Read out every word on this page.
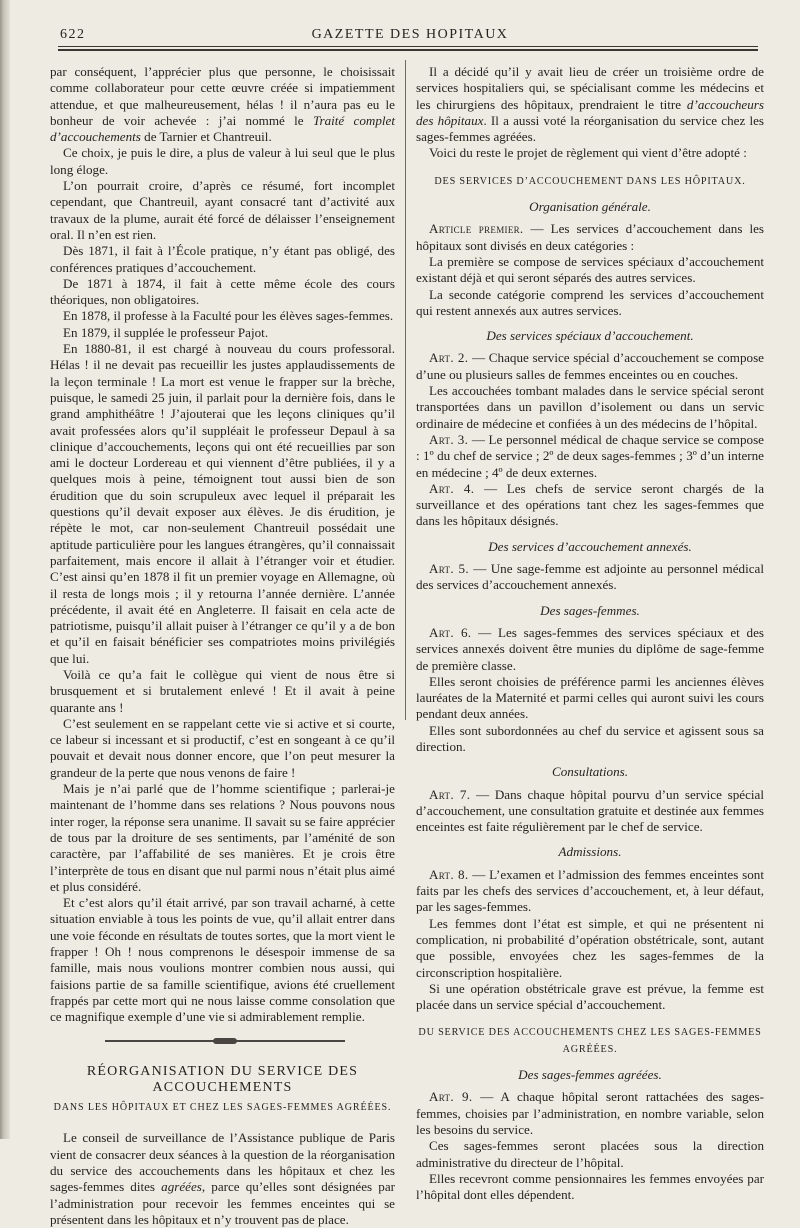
622	GAZETTE DES HOPITAUX

par conséquent, l’apprécier plus que personne, le choisissait comme collaborateur pour cette œuvre créée si impatiemment attendue, et que malheureusement, hélas ! il n’aura pas eu le bonheur de voir achevée : j’ai nommé le Traité complet d’accouchements de Tarnier et Chantreuil.

Ce choix, je puis le dire, a plus de valeur à lui seul que le plus long éloge.

L’on pourrait croire, d’après ce résumé, fort incomplet cependant, que Chantreuil, ayant consacré tant d’activité aux travaux de la plume, aurait été forcé de délaisser l’enseignement oral. Il n’en est rien.

Dès 1871, il fait à l’École pratique, n’y étant pas obligé, des conférences pratiques d’accouchement.

De 1871 à 1874, il fait à cette même école des cours théoriques, non obligatoires.

En 1878, il professe à la Faculté pour les élèves sages-femmes.

En 1879, il supplée le professeur Pajot.

En 1880-81, il est chargé à nouveau du cours professoral. Hélas ! il ne devait pas recueillir les justes applaudissements de la leçon terminale ! La mort est venue le frapper sur la brèche, puisque, le samedi 25 juin, il parlait pour la dernière fois, dans le grand amphithéâtre ! J’ajouterai que les leçons cliniques qu’il avait professées alors qu’il suppléait le professeur Depaul à sa clinique d’accouchements, leçons qui ont été recueillies par son ami le docteur Lordereau et qui viennent d’être publiées, il y a quelques mois à peine, témoignent tout aussi bien de son érudition que du soin scrupuleux avec lequel il préparait les questions qu’il devait exposer aux élèves. Je dis érudition, je répète le mot, car non-seulement Chantreuil possédait une aptitude particulière pour les langues étrangères, qu’il connaissait parfaitement, mais encore il allait à l’étranger voir et étudier. C’est ainsi qu’en 1878 il fit un premier voyage en Allemagne, où il resta de longs mois ; il y retourna l’année dernière. L’année précédente, il avait été en Angleterre. Il faisait en cela acte de patriotisme, puisqu’il allait puiser à l’étranger ce qu’il y a de bon et qu’il en faisait bénéficier ses compatriotes moins privilégiés que lui.

Voilà ce qu’a fait le collègue qui vient de nous être si brusquement et si brutalement enlevé ! Et il avait à peine quarante ans !

C’est seulement en se rappelant cette vie si active et si courte, ce labeur si incessant et si productif, c’est en songeant à ce qu’il pouvait et devait nous donner encore, que l’on peut mesurer la grandeur de la perte que nous venons de faire !

Mais je n’ai parlé que de l’homme scientifique ; parlerai-je maintenant de l’homme dans ses relations ? Nous pouvons nous inter roger, la réponse sera unanime. Il savait su se faire apprécier de tous par la droiture de ses sentiments, par l’aménité de son caractère, par l’affabilité de ses manières. Et je crois être l’interprète de tous en disant que nul parmi nous n’était plus aimé et plus considéré.

Et c’est alors qu’il était arrivé, par son travail acharné, à cette situation enviable à tous les points de vue, qu’il allait entrer dans une voie féconde en résultats de toutes sortes, que la mort vient le frapper ! Oh ! nous comprenons le désespoir immense de sa famille, mais nous voulions montrer combien nous aussi, qui faisions partie de sa famille scientifique, avions été cruellement frappés par cette mort qui ne nous laisse comme consolation que ce magnifique exemple d’une vie si admirablement remplie.

RÉORGANISATION DU SERVICE DES ACCOUCHEMENTS
DANS LES HÔPITAUX ET CHEZ LES SAGES-FEMMES AGRÉÉES.

Le conseil de surveillance de l’Assistance publique de Paris vient de consacrer deux séances à la question de la réorganisation du service des accouchements dans les hôpitaux et chez les sages-femmes dites agréées, parce qu’elles sont désignées par l’administration pour recevoir les femmes enceintes qui se présentent dans les hôpitaux et n’y trouvent pas de place.

Il a décidé qu’il y avait lieu de créer un troisième ordre de services hospitaliers qui, se spécialisant comme les médecins et les chirurgiens des hôpitaux, prendraient le titre d’accoucheurs des hôpitaux. Il a aussi voté la réorganisation du service chez les sages-femmes agréées.

Voici du reste le projet de règlement qui vient d’être adopté :

DES SERVICES D’ACCOUCHEMENT DANS LES HÔPITAUX.
Organisation générale.

Article premier. — Les services d’accouchement dans les hôpitaux sont divisés en deux catégories :

La première se compose de services spéciaux d’accouchement existant déjà et qui seront séparés des autres services.

La seconde catégorie comprend les services d’accouchement qui restent annexés aux autres services.

Des services spéciaux d’accouchement.

Art. 2. — Chaque service spécial d’accouchement se compose d’une ou plusieurs salles de femmes enceintes ou en couches.

Les accouchées tombant malades dans le service spécial seront transportées dans un pavillon d’isolement ou dans un servic ordinaire de médecine et confiées à un des médecins de l’hôpital.

Art. 3. — Le personnel médical de chaque service se compose : 1º du chef de service ; 2º de deux sages-femmes ; 3º d’un interne en médecine ; 4º de deux externes.

Art. 4. — Les chefs de service seront chargés de la surveillance et des opérations tant chez les sages-femmes que dans les hôpitaux désignés.

Des services d’accouchement annexés.

Art. 5. — Une sage-femme est adjointe au personnel médical des services d’accouchement annexés.

Des sages-femmes.

Art. 6. — Les sages-femmes des services spéciaux et des services annexés doivent être munies du diplôme de sage-femme de première classe.

Elles seront choisies de préférence parmi les anciennes élèves lauréates de la Maternité et parmi celles qui auront suivi les cours pendant deux années.

Elles sont subordonnées au chef du service et agissent sous sa direction.

Consultations.

Art. 7. — Dans chaque hôpital pourvu d’un service spécial d’accouchement, une consultation gratuite et destinée aux femmes enceintes est faite régulièrement par le chef de service.

Admissions.

Art. 8. — L’examen et l’admission des femmes enceintes sont faits par les chefs des services d’accouchement, et, à leur défaut, par les sages-femmes.

Les femmes dont l’état est simple, et qui ne présentent ni complication, ni probabilité d’opération obstétricale, sont, autant que possible, envoyées chez les sages-femmes de la circonscription hospitalière.

Si une opération obstétricale grave est prévue, la femme est placée dans un service spécial d’accouchement.

DU SERVICE DES ACCOUCHEMENTS CHEZ LES SAGES-FEMMES AGRÉÉES.
Des sages-femmes agréées.

Art. 9. — A chaque hôpital seront rattachées des sages-femmes, choisies par l’administration, en nombre variable, selon les besoins du service.

Ces sages-femmes seront placées sous la direction administrative du directeur de l’hôpital.

Elles recevront comme pensionnaires les femmes envoyées par l’hôpital dont elles dépendent.
